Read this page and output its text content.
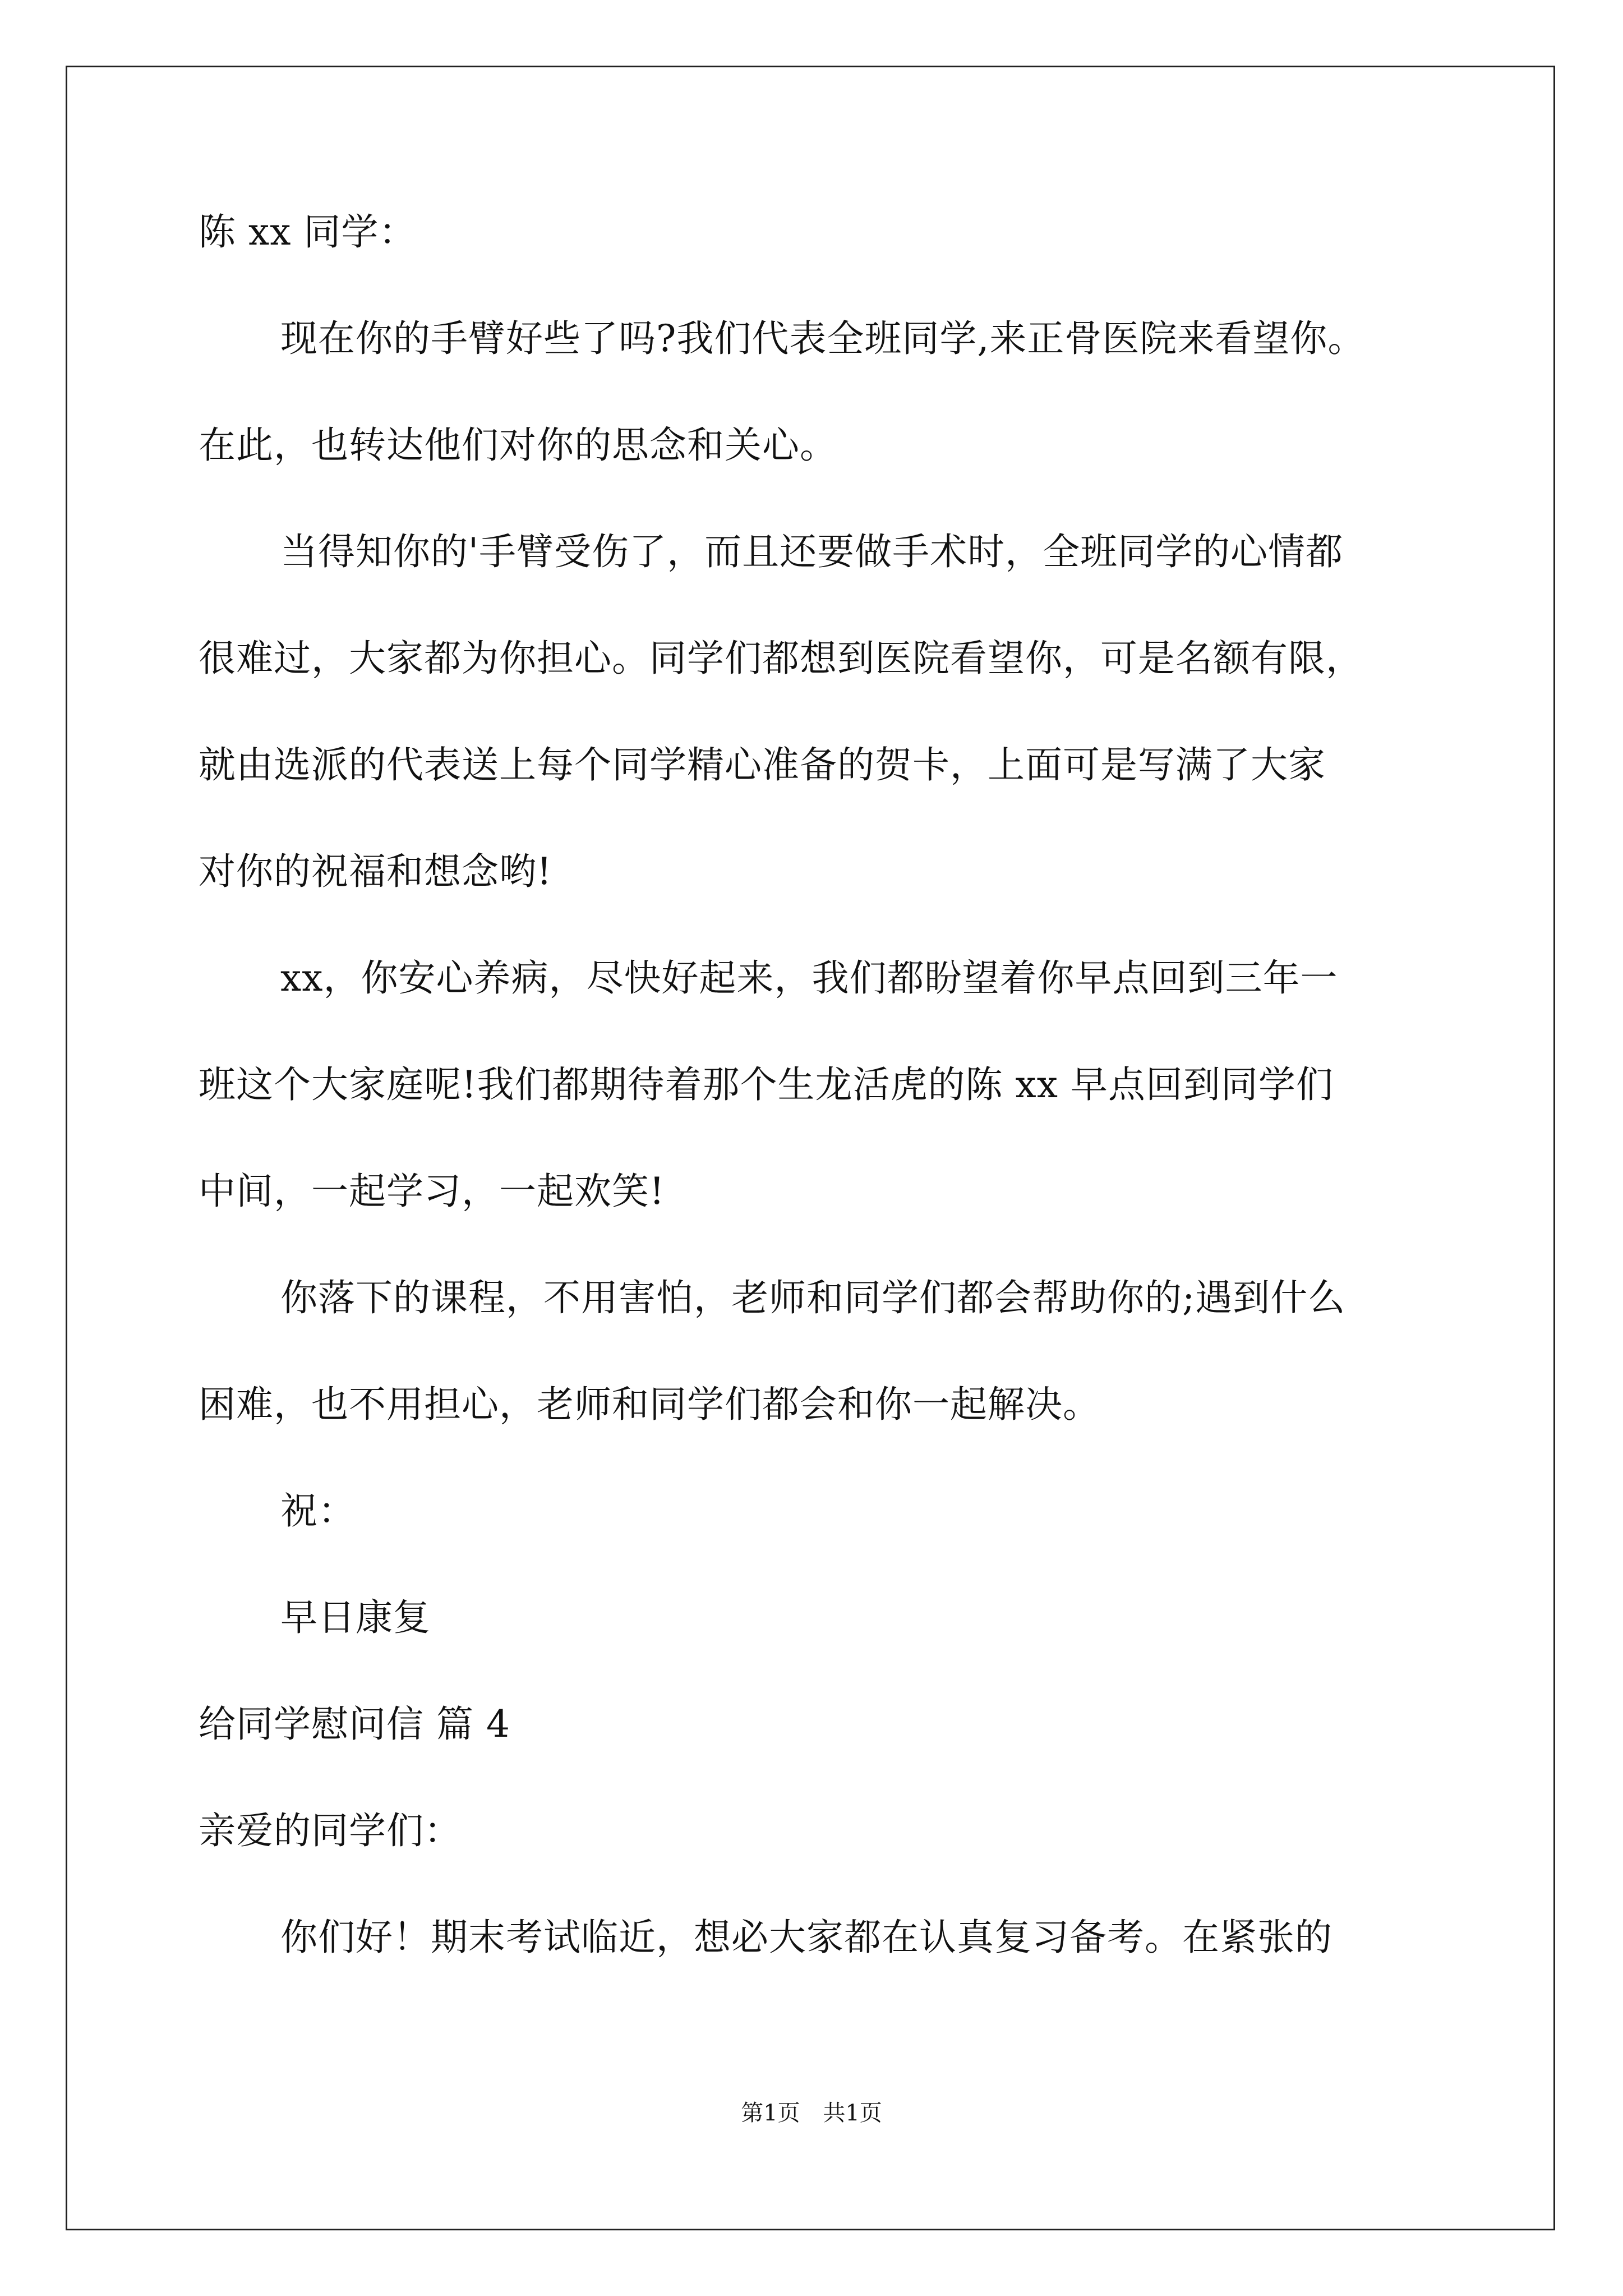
陈 xx 同学：
现在你的手臂好些了吗?我们代表全班同学,来正骨医院来看望你。
在此，也转达他们对你的思念和关心。
当得知你的'手臂受伤了，而且还要做手术时，全班同学的心情都
很难过，大家都为你担心。同学们都想到医院看望你，可是名额有限，
就由选派的代表送上每个同学精心准备的贺卡，上面可是写满了大家
对你的祝福和想念哟!
xx，你安心养病，尽快好起来，我们都盼望着你早点回到三年一
班这个大家庭呢!我们都期待着那个生龙活虎的陈 xx 早点回到同学们
中间，一起学习，一起欢笑!
你落下的课程，不用害怕，老师和同学们都会帮助你的;遇到什么
困难，也不用担心，老师和同学们都会和你一起解决。
祝：
早日康复
给同学慰问信 篇 4
亲爱的同学们：
你们好！期末考试临近，想必大家都在认真复习备考。在紧张的
第1页 共1页
